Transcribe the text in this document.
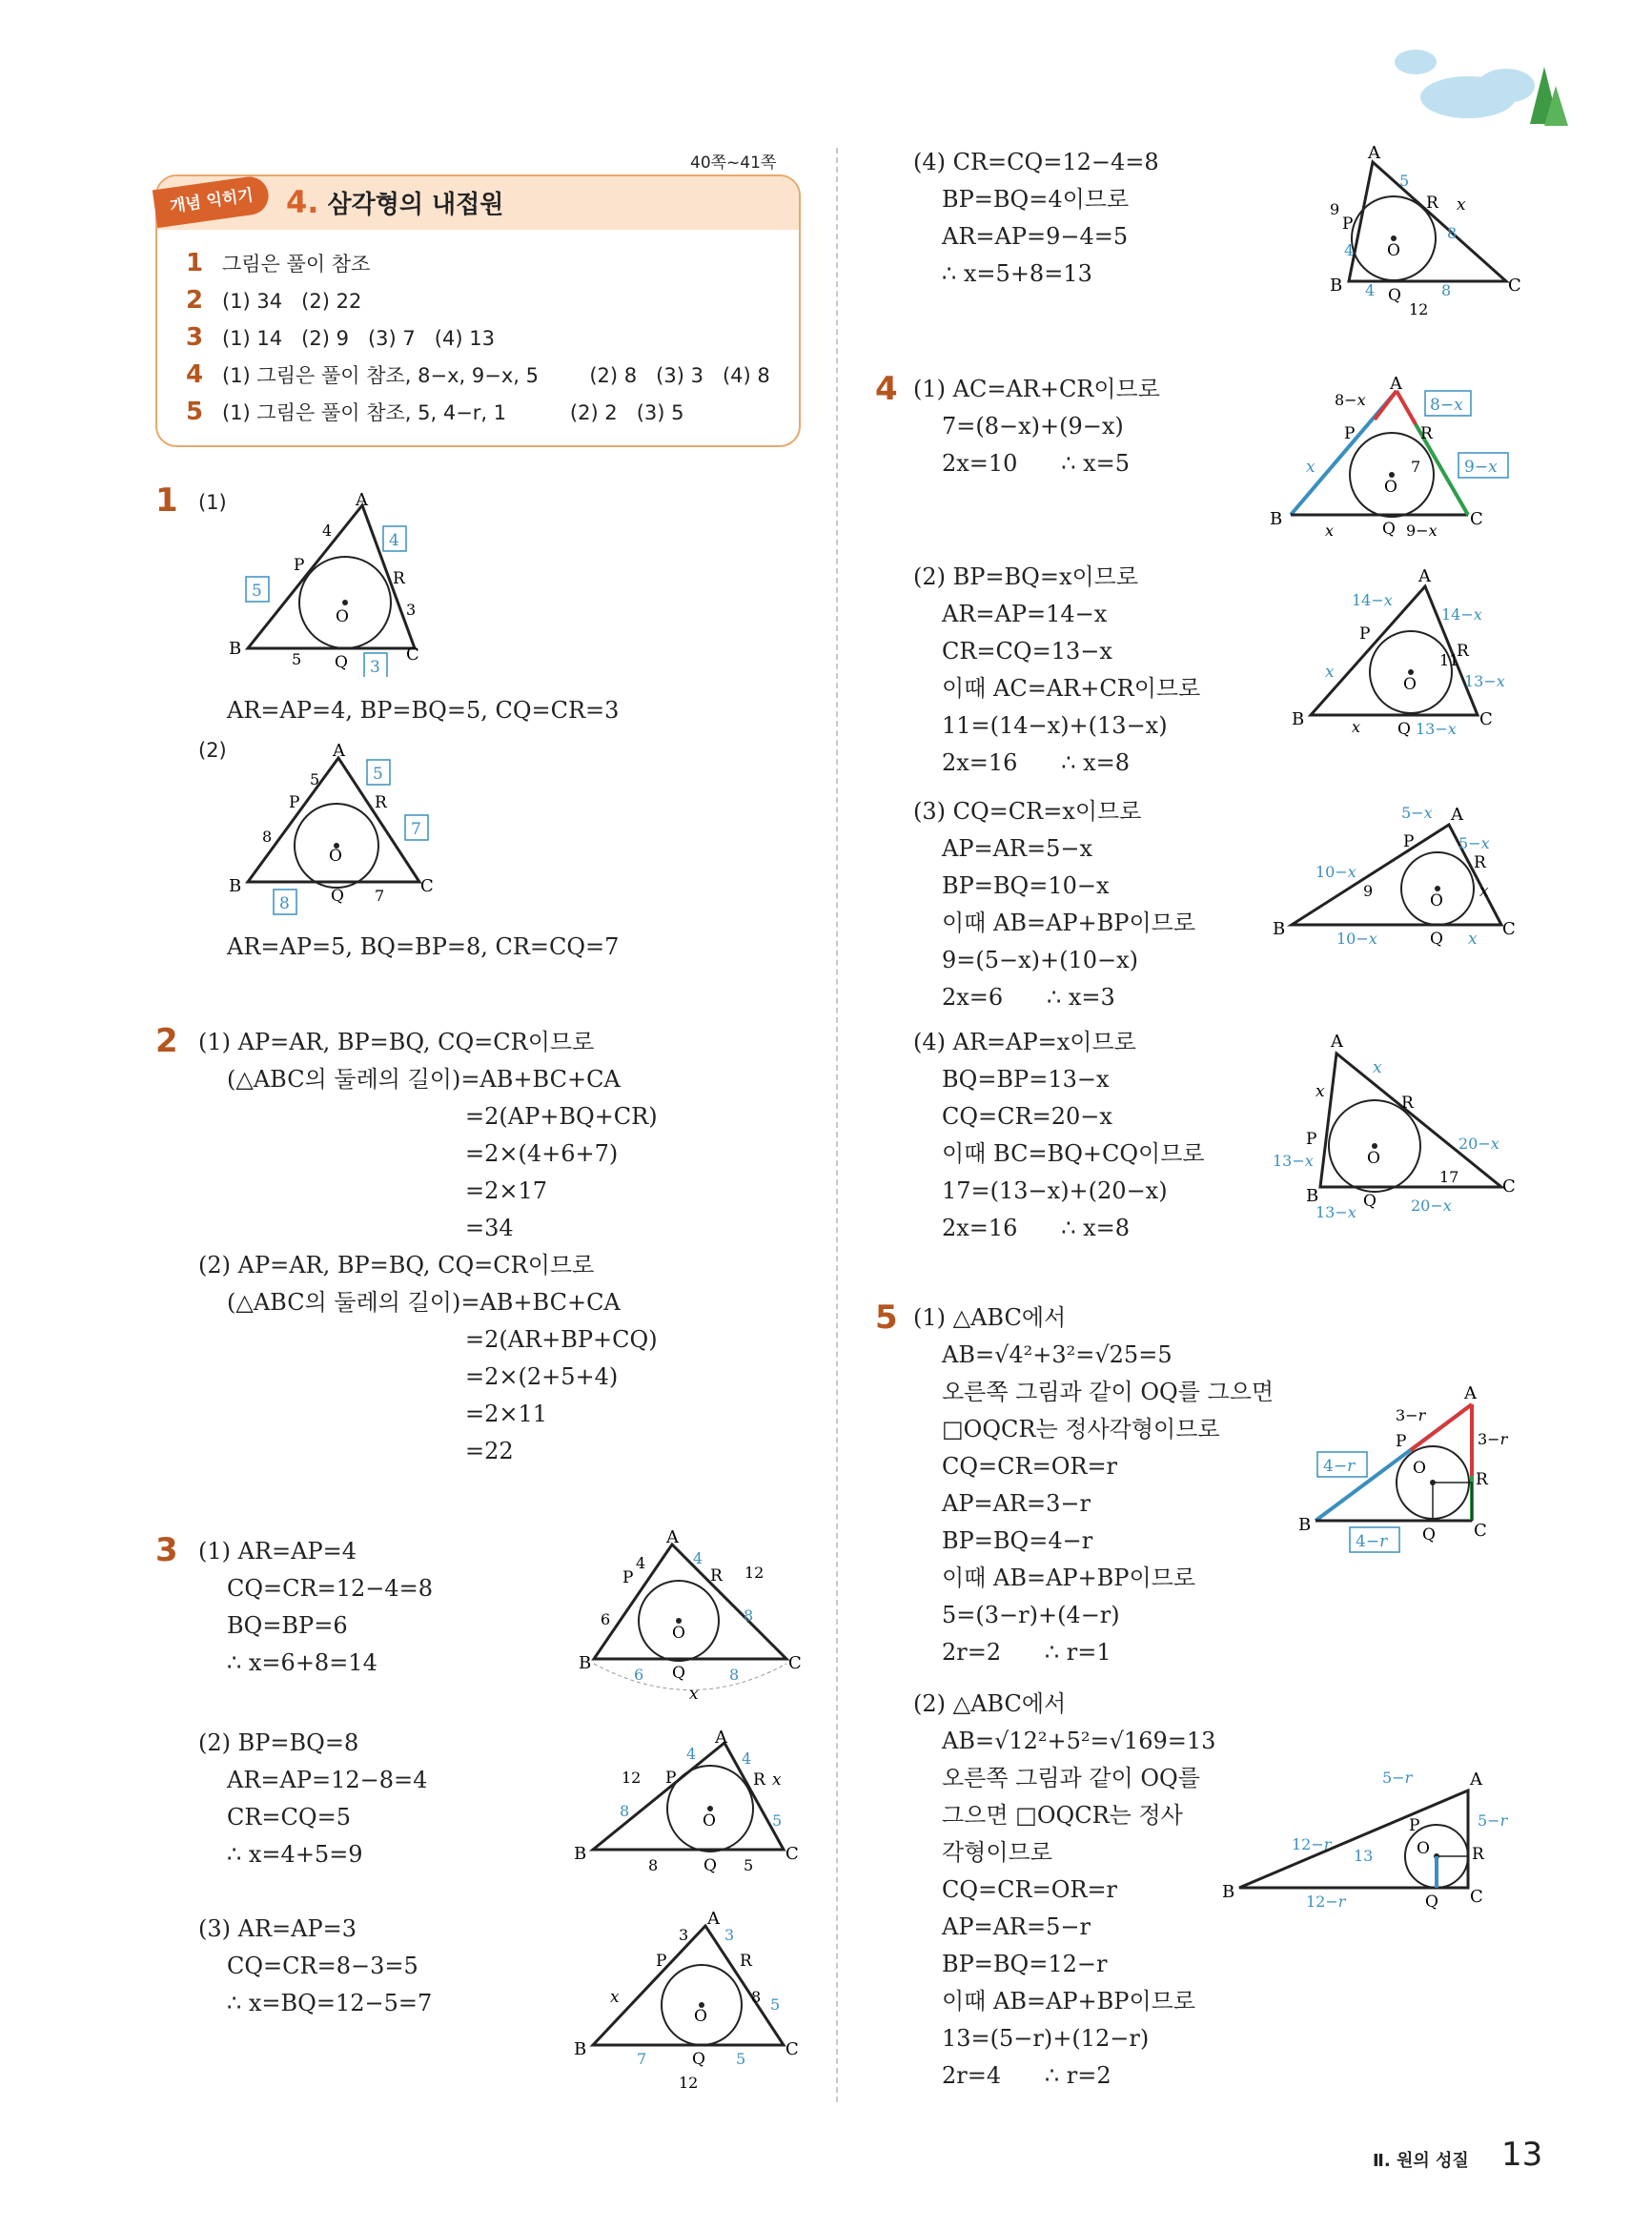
40쪽~41쪽
개념 익히기	4. 삼각형의 내접원
1 그림은 풀이 참조
2 (1) 34   (2) 22
3 (1) 14   (2) 9   (3) 7   (4) 13
4 (1) 그림은 풀이 참조, 8−x, 9−x, 5        (2) 8   (3) 3   (4) 8
5 (1) 그림은 풀이 참조, 5, 4−r, 1          (2) 2   (3) 5
1 (1)	A
B	C
O
P
R
Q
4
3
5
4
5
3
AR=AP=4, BP=BQ=5, CQ=CR=3
(2)	A
B	C
O
P	R
Q
5
8
7
5
7
8
AR=AP=5, BQ=BP=8, CR=CQ=7
2 (1) AP=AR, BP=BQ, CQ=CR이므로
(△ABC의 둘레의 길이)=AB+BC+CA
=2(AP+BQ+CR)
=2×(4+6+7)
=2×17
=34
(2) AP=AR, BP=BQ, CQ=CR이므로
(△ABC의 둘레의 길이)=AB+BC+CA
=2(AR+BP+CQ)
=2×(2+5+4)
=2×11
=22
3 (1) AR=AP=4
CQ=CR=12−4=8
BQ=BP=6
∴ x=6+8=14
A
B	C
O
P	R
Q
4	4
12
8
6
6	8
x
(2) BP=BQ=8
AR=AP=12−8=4
CR=CQ=5
∴ x=4+5=9
A
B	C
O
P	R
Q
12
4	4
x
5
8
8	5
(3) AR=AP=3
CQ=CR=8−3=5
∴ x=BQ=12−5=7
A
B	C
O
P	R
Q
3 3
5
x	8
7	5
12
(4) CR=CQ=12−4=8
BP=BQ=4이므로
AR=AP=9−4=5
∴ x=5+8=13
A
B	C
O
P
R
Q
9
4
5
x
8
4	8
12
4 (1) AC=AR+CR이므로
7=(8−x)+(9−x)
2x=10      ∴ x=5
A
B	C
O
P	R
Q
8−x
7
x
x	9−x
8−x
9−x
(2) BP=BQ=x이므로
AR=AP=14−x
CR=CQ=13−x
이때 AC=AR+CR이므로
11=(14−x)+(13−x)
2x=16      ∴ x=8
A
B	C
O
P
R
Q
14−x
14−x
13−x
11
x
x	13−x
(3) CQ=CR=x이므로
AP=AR=5−x
BP=BQ=10−x
이때 AB=AP+BP이므로
9=(5−x)+(10−x)
2x=6      ∴ x=3
A
B	C
O
P
R
Q
5−x
5−x
10−x
9	x
10−x	x
(4) AR=AP=x이므로
BQ=BP=13−x
CQ=CR=20−x
이때 BC=BQ+CQ이므로
17=(13−x)+(20−x)
2x=16      ∴ x=8
A
B	C
O
P
R
Q
x
x
20−x
17
13−x
13−x	20−x
5 (1) △ABC에서
AB=√4²+3²=√25=5
오른쪽 그림과 같이 OQ를 그으면
□OQCR는 정사각형이므로
CQ=CR=OR=r
AP=AR=3−r
BP=BQ=4−r
이때 AB=AP+BP이므로
5=(3−r)+(4−r)
2r=2      ∴ r=1
A
B	C
O
P
R
Q
3−r
3−r
4−r
4−r
(2) △ABC에서
AB=√12²+5²=√169=13
오른쪽 그림과 같이 OQ를
그으면 □OQCR는 정사
각형이므로
CQ=CR=OR=r
AP=AR=5−r
BP=BQ=12−r
이때 AB=AP+BP이므로
13=(5−r)+(12−r)
2r=4      ∴ r=2
A
B	C
O
P
R
Q
5−r
5−r
12−r
13
12−r
Ⅱ. 원의 성질 13
